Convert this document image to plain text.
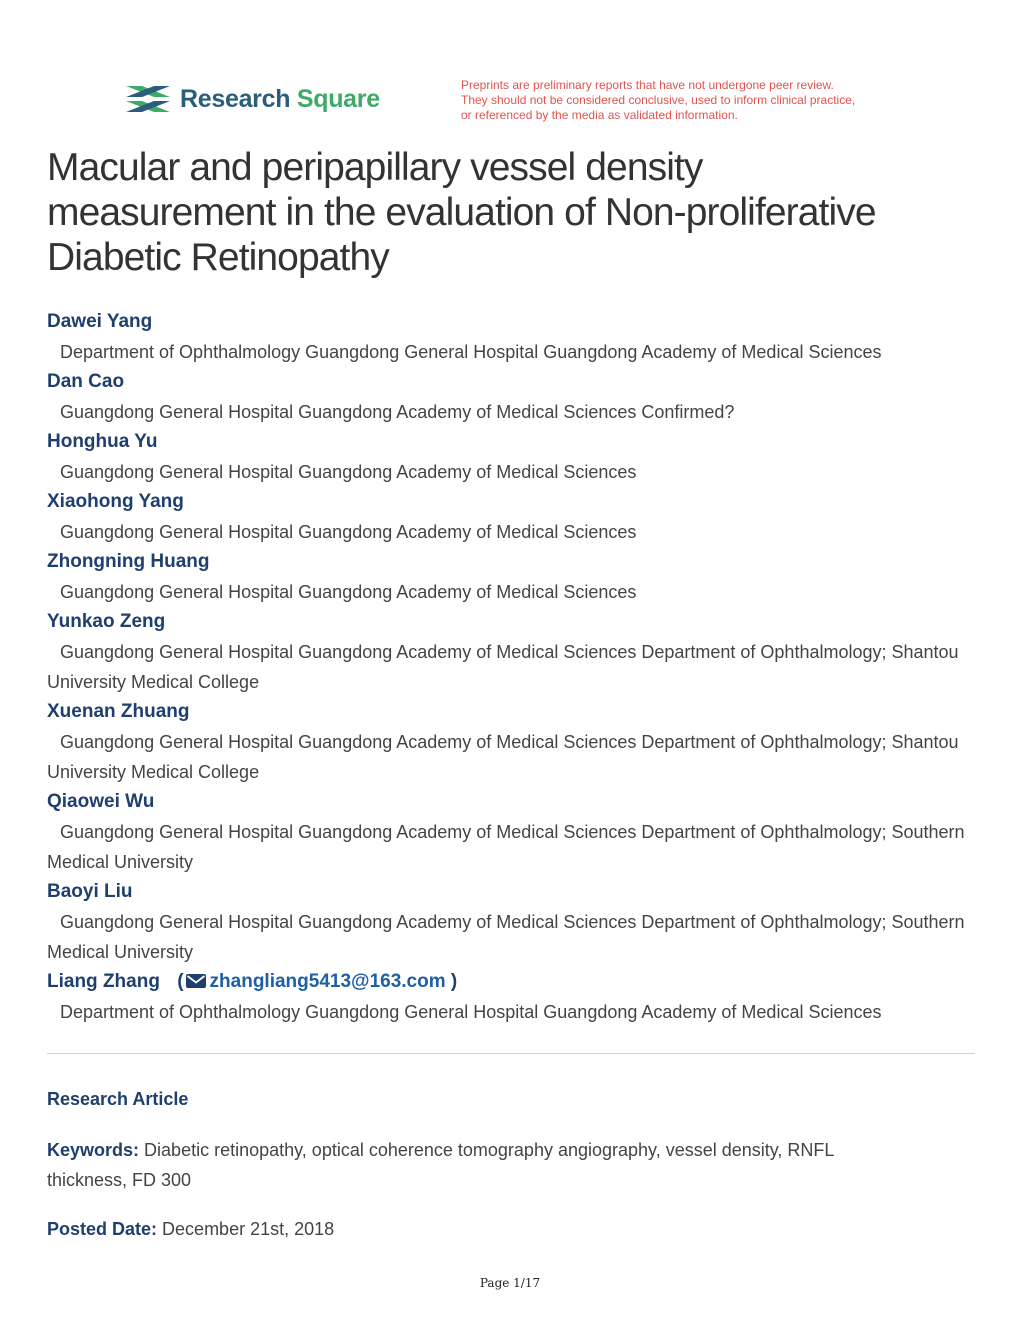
Research Square	Preprints are preliminary reports that have not undergone peer review.
They should not be considered conclusive, used to inform clinical practice,
or referenced by the media as validated information.
Macular and peripapillary vessel density
measurement in the evaluation of Non-proliferative
Diabetic Retinopathy
Dawei Yang
Department of Ophthalmology Guangdong General Hospital Guangdong Academy of Medical Sciences
Dan Cao
Guangdong General Hospital Guangdong Academy of Medical Sciences Confirmed?
Honghua Yu
Guangdong General Hospital Guangdong Academy of Medical Sciences
Xiaohong Yang
Guangdong General Hospital Guangdong Academy of Medical Sciences
Zhongning Huang
Guangdong General Hospital Guangdong Academy of Medical Sciences
Yunkao Zeng
Guangdong General Hospital Guangdong Academy of Medical Sciences Department of Ophthalmology; Shantou University Medical College
Xuenan Zhuang
Guangdong General Hospital Guangdong Academy of Medical Sciences Department of Ophthalmology; Shantou University Medical College
Qiaowei Wu
Guangdong General Hospital Guangdong Academy of Medical Sciences Department of Ophthalmology; Southern Medical University
Baoyi Liu
Guangdong General Hospital Guangdong Academy of Medical Sciences Department of Ophthalmology; Southern Medical University
Liang Zhang ( zhangliang5413@163.com )
Department of Ophthalmology Guangdong General Hospital Guangdong Academy of Medical Sciences
Research Article
Keywords: Diabetic retinopathy, optical coherence tomography angiography, vessel density, RNFL thickness, FD 300
Posted Date: December 21st, 2018
Page 1/17
